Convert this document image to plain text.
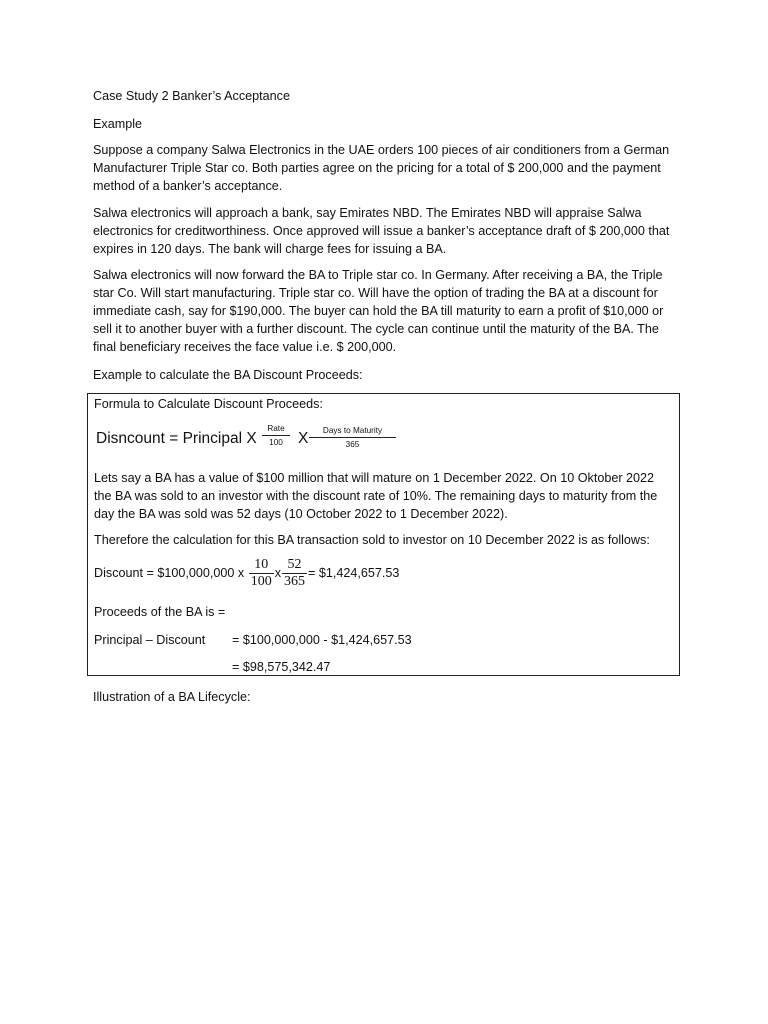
Case Study 2 Banker’s Acceptance

Example

Suppose a company Salwa Electronics in the UAE orders 100 pieces of air conditioners from a German Manufacturer Triple Star co. Both parties agree on the pricing for a total of $ 200,000 and the payment method of a banker’s acceptance.

Salwa electronics will approach a bank, say Emirates NBD. The Emirates NBD will appraise Salwa electronics for creditworthiness. Once approved will issue a banker’s acceptance draft of $ 200,000 that expires in 120 days. The bank will charge fees for issuing a BA.

Salwa electronics will now forward the BA to Triple star co. In Germany. After receiving a BA, the Triple star Co. Will start manufacturing. Triple star co. Will have the option of trading the BA at a discount for immediate cash, say for $190,000. The buyer can hold the BA till maturity to earn a profit of $10,000 or sell it to another buyer with a further discount. The cycle can continue until the maturity of the BA. The final beneficiary receives the face value i.e. $ 200,000.

Example to calculate the BA Discount Proceeds:

Formula to Calculate Discount Proceeds:

Disncount = Principal X
Rate
100 X	Days to Maturity
365

Lets say a BA has a value of $100 million that will mature on 1 December 2022. On 10 Oktober 2022 the BA was sold to an investor with the discount rate of 10%. The remaining days to maturity from the day the BA was sold was 52 days (10 October 2022 to 1 December 2022).

Therefore the calculation for this BA transaction sold to investor on 10 December 2022 is as follows:

Discount = $100,000,000 x $\frac{10}{100}$ x $\frac{52}{365}$ = $1,424,657.53

Proceeds of the BA is =

Principal – Discount	= $100,000,000 - $1,424,657.53

= $98,575,342.47

Illustration of a BA Lifecycle:
